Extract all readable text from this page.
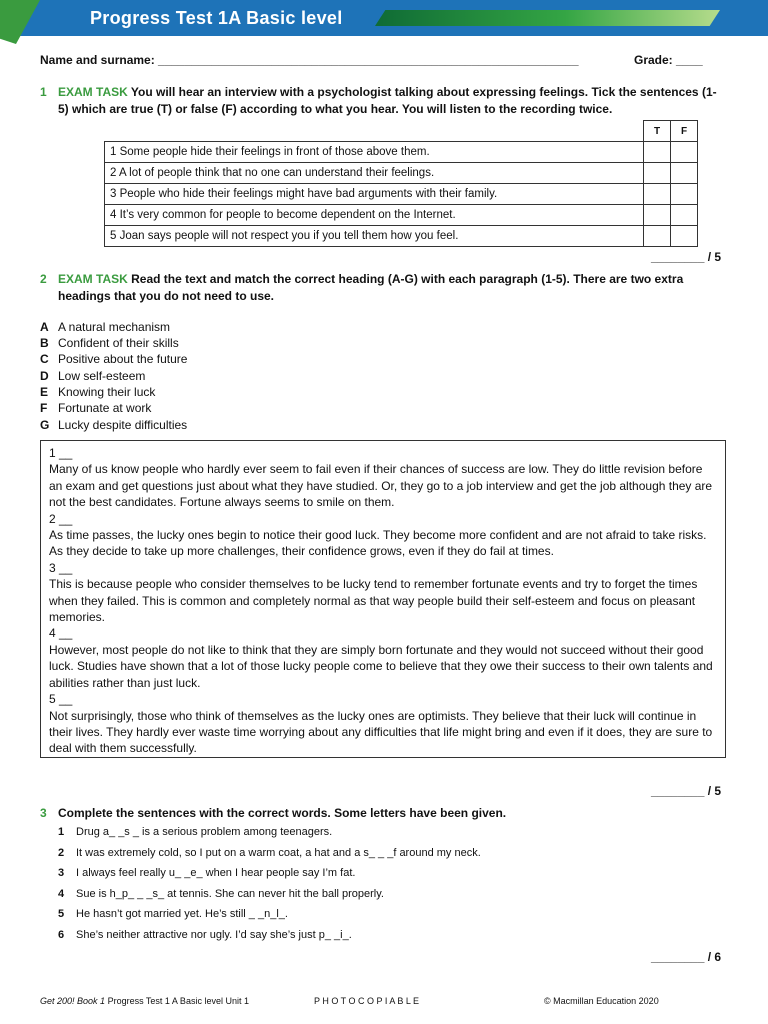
Progress Test 1A Basic level
Name and surname: _______________________________________________________________	Grade: ____
1 EXAM TASK You will hear an interview with a psychologist talking about expressing feelings. Tick the sentences (1-
5) which are true (T) or false (F) according to what you hear. You will listen to the recording twice.
	T	F
1 Some people hide their feelings in front of those above them.		
2 A lot of people think that no one can understand their feelings.		
3 People who hide their feelings might have bad arguments with their family.		
4 It’s very common for people to become dependent on the Internet.		
5 Joan says people will not respect you if you tell them how you feel.		
________ / 5
2 EXAM TASK Read the text and match the correct heading (A-G) with each paragraph (1-5). There are two extra
headings that you do not need to use.
A A natural mechanism
B Confident of their skills
C Positive about the future
D Low self-esteem
E Knowing their luck
F Fortunate at work
G Lucky despite difficulties

1 __

Many of us know people who hardly ever seem to fail even if their chances of success are low. They do little revision before an exam and get questions just about what they have studied. Or, they go to a job interview and get the job although they are not the best candidates. Fortune always seems to smile on them.

2 __

As time passes, the lucky ones begin to notice their good luck. They become more confident and are not afraid to take risks. As they decide to take up more challenges, their confidence grows, even if they do fail at times.

3 __

This is because people who consider themselves to be lucky tend to remember fortunate events and try to forget the times when they failed. This is common and completely normal as that way people build their self-esteem and focus on pleasant memories.

4 __

However, most people do not like to think that they are simply born fortunate and they would not succeed without their good luck. Studies have shown that a lot of those lucky people come to believe that they owe their success to their own talents and abilities rather than just luck.

5 __

Not surprisingly, those who think of themselves as the lucky ones are optimists. They believe that their luck will continue in their lives. They hardly ever waste time worrying about any difficulties that life might bring and even if it does, they are sure to deal with them successfully.

________ / 5
3 Complete the sentences with the correct words. Some letters have been given.
1 Drug a_ _s _ is a serious problem among teenagers.
2 It was extremely cold, so I put on a warm coat, a hat and a s_ _ _f around my neck.
3 I always feel really u_ _e_ when I hear people say I’m fat.
4 Sue is h_p_ _ _s_ at tennis. She can never hit the ball properly.
5 He hasn’t got married yet. He’s still _ _n_l_.
6 She’s neither attractive nor ugly. I’d say she’s just p_ _i_.
________ / 6
Get 200! Book 1 Progress Test 1 A Basic level Unit 1	P H O T O C O P I A B L E	© Macmillan Education 2020
